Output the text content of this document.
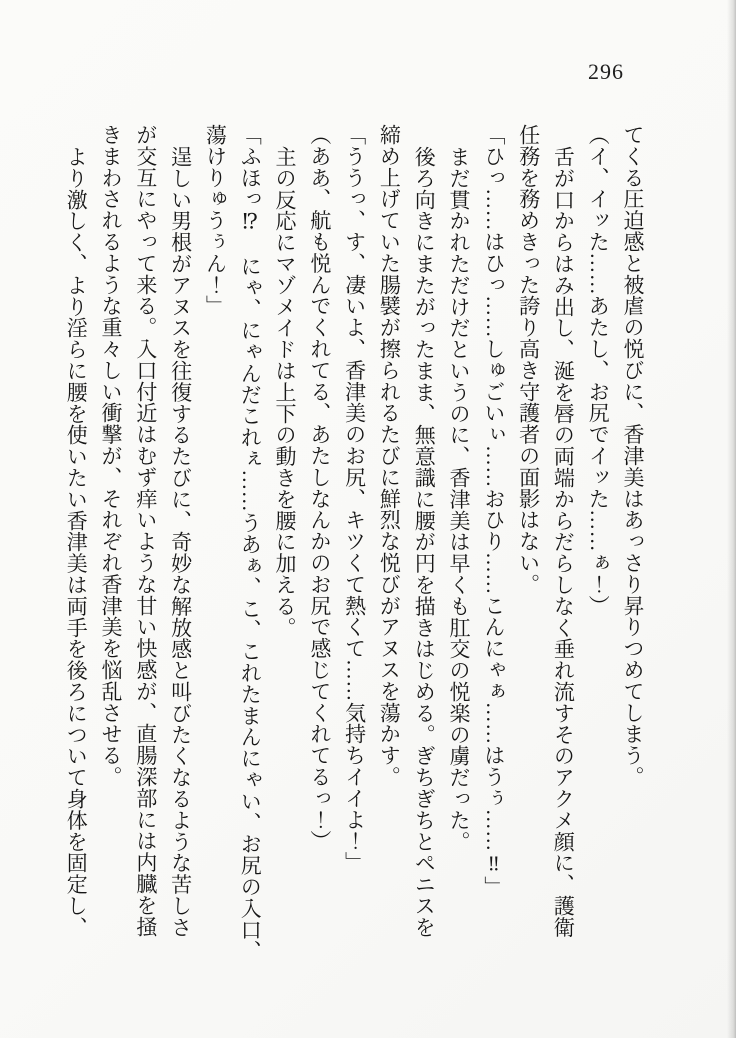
296
てくる圧迫感と被虐の悦びに、香津美はあっさり昇りつめてしまう。
（イ、イッた……あたし、お尻でイッた……ぁ！）
舌が口からはみ出し、涎を唇の両端からだらしなく垂れ流すそのアクメ顔に、護衛
任務を務めきった誇り高き守護者の面影はない。
「ひっ……はひっ……しゅごいぃ……おひり……こんにゃぁ……はうぅ……‼」
まだ貫かれただけだというのに、香津美は早くも肛交の悦楽の虜だった。
後ろ向きにまたがったまま、無意識に腰が円を描きはじめる。ぎちぎちとペニスを
締め上げていた腸襞が擦られるたびに鮮烈な悦びがアヌスを蕩かす。
「ううっ、す、凄いよ、香津美のお尻、キツくて熱くて……気持ちイイよ！」
（ああ、航も悦んでくれてる、あたしなんかのお尻で感じてくれてるっ！）
主の反応にマゾメイドは上下の動きを腰に加える。
「ふほっ⁉　にゃ、にゃんだこれぇ……うあぁ、こ、これたまんにゃい、お尻の入口、
蕩けりゅうぅん！」
逞しい男根がアヌスを往復するたびに、奇妙な解放感と叫びたくなるような苦しさ
が交互にやって来る。入口付近はむず痒いような甘い快感が、直腸深部には内臓を掻
きまわされるような重々しい衝撃が、それぞれ香津美を悩乱させる。
より激しく、より淫らに腰を使いたい香津美は両手を後ろについて身体を固定し、
